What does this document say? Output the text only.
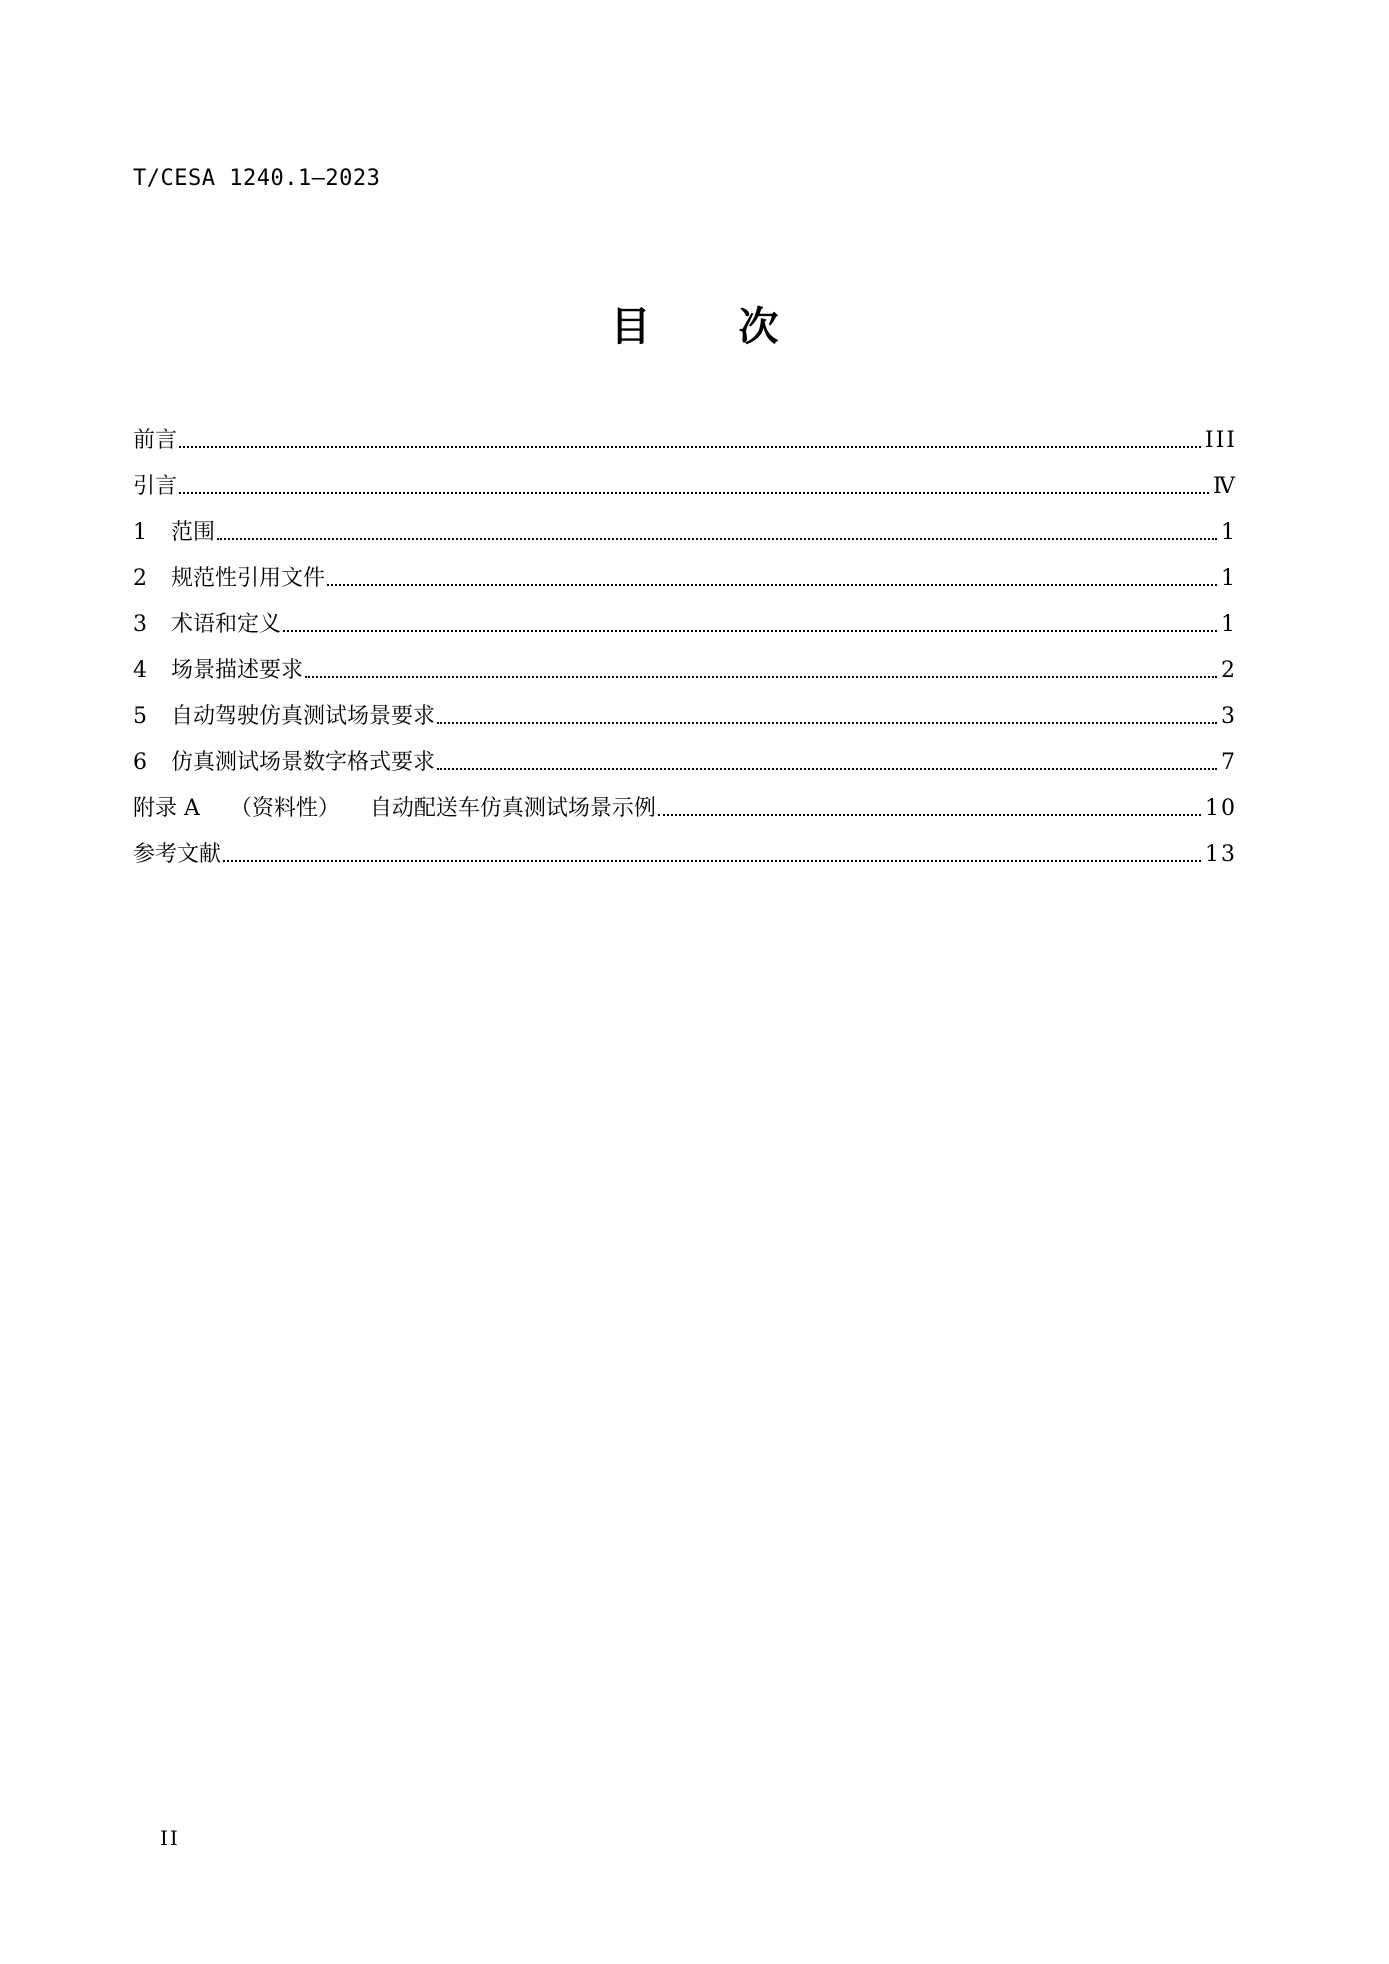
T/CESA 1240.1—2023
目 次
前言	III
引言	Ⅳ
1	范围	1
2	规范性引用文件	1
3	术语和定义	1
4	场景描述要求	2
5	自动驾驶仿真测试场景要求	3
6	仿真测试场景数字格式要求	7
附录 A （资料性） 自动配送车仿真测试场景示例	10
参考文献	13
II
